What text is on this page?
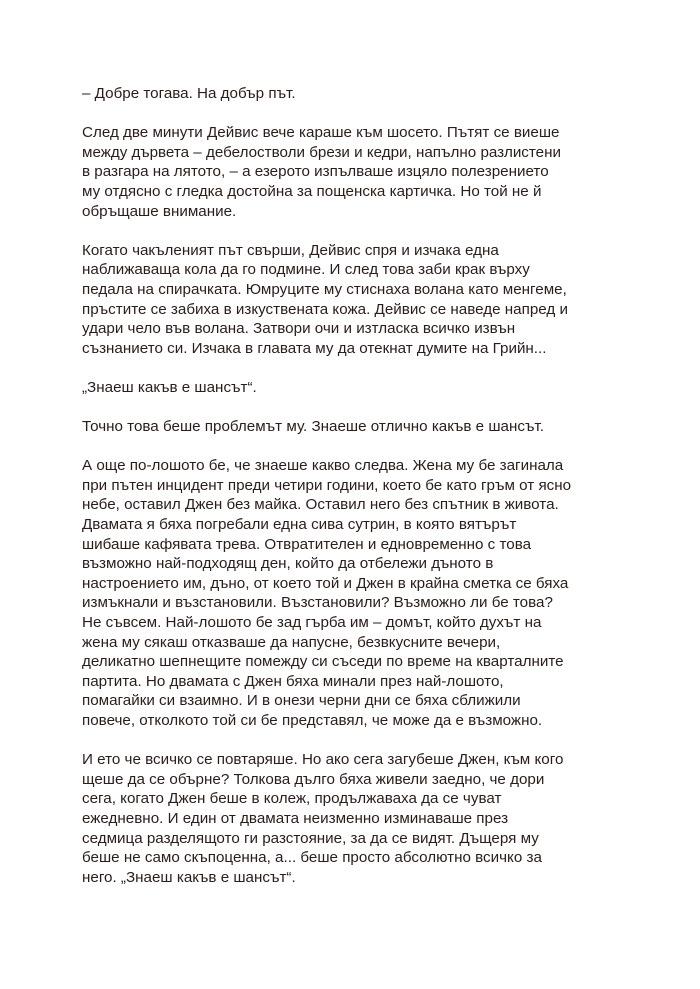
– Добре тогава. На добър път.

След две минути Дейвис вече караше към шосето. Пътят се виеше
между дървета – дебелостволи брези и кедри, напълно разлистени
в разгара на лятото, – а езерото изпълваше изцяло полезрението
му отдясно с гледка достойна за пощенска картичка. Но той не й
обръщаше внимание.

Когато чакълeният път свърши, Дейвис спря и изчака една
наближаваща кола да го подмине. И след това заби крак върху
педала на спирачката. Юмруците му стиснаха волана като менгеме,
пръстите се забиха в изкуствената кожа. Дейвис се наведе напред и
удари чело във волана. Затвори очи и изтласка всичко извън
съзнанието си. Изчака в главата му да отекнат думите на Грийн...

„Знаеш какъв е шансът“.

Точно това беше проблемът му. Знаеше отлично какъв е шансът.

А още по-лошото бе, че знаеше какво следва. Жена му бе загинала
при пътен инцидент преди четири години, което бе като гръм от ясно
небе, оставил Джен без майка. Оставил него без спътник в живота.
Двамата я бяха погребали една сива сутрин, в която вятърът
шибаше кафявата трева. Отвратителен и едновременно с това
възможно най-подходящ ден, който да отбележи дъното в
настроението им, дъно, от което той и Джен в крайна сметка се бяха
измъкнали и възстановили. Възстановили? Възможно ли бе това?
Не съвсем. Най-лошото бе зад гърба им – домът, който духът на
жена му сякаш отказваше да напусне, безвкусните вечери,
деликатно шепнещите помежду си съседи по време на кварталните
партита. Но двамата с Джен бяха минали през най-лошото,
помагайки си взаимно. И в онези черни дни се бяха сближили
повече, отколкото той си бе представял, че може да е възможно.

И ето че всичко се повтаряше. Но ако сега загубеше Джен, към кого
щеше да се обърне? Толкова дълго бяха живели заедно, че дори
сега, когато Джен беше в колеж, продължаваха да се чуват
ежедневно. И един от двамата неизменно изминаваше през
седмица разделящото ги разстояние, за да се видят. Дъщеря му
беше не само скъпоценна, а... беше просто абсолютно всичко за
него. „Знаеш какъв е шансът“.
